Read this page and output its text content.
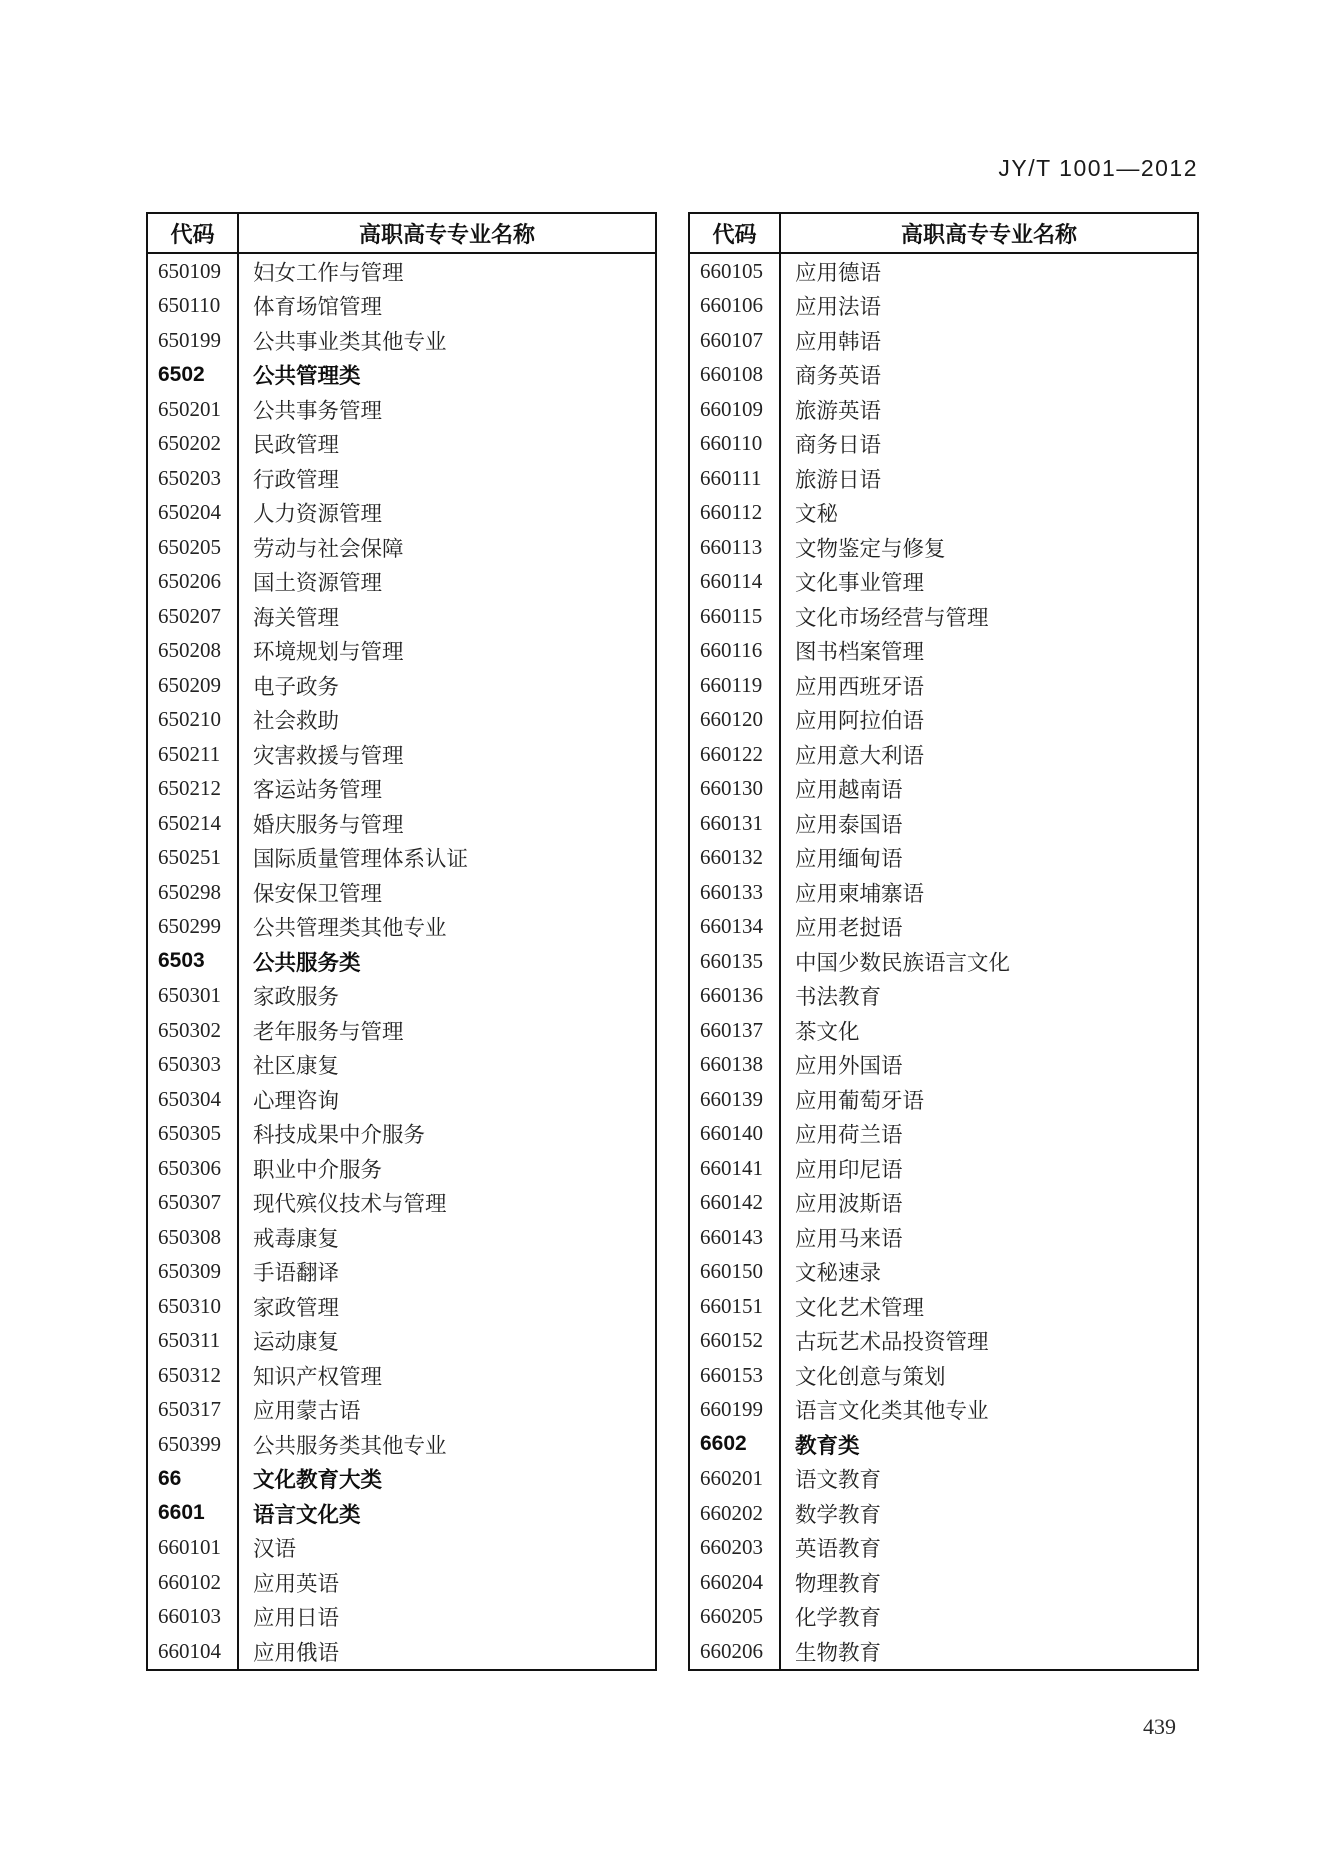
JY/T 1001—2012
代码	高职高专专业名称
650109	妇女工作与管理
650110	体育场馆管理
650199	公共事业类其他专业
6502	公共管理类
650201	公共事务管理
650202	民政管理
650203	行政管理
650204	人力资源管理
650205	劳动与社会保障
650206	国土资源管理
650207	海关管理
650208	环境规划与管理
650209	电子政务
650210	社会救助
650211	灾害救援与管理
650212	客运站务管理
650214	婚庆服务与管理
650251	国际质量管理体系认证
650298	保安保卫管理
650299	公共管理类其他专业
6503	公共服务类
650301	家政服务
650302	老年服务与管理
650303	社区康复
650304	心理咨询
650305	科技成果中介服务
650306	职业中介服务
650307	现代殡仪技术与管理
650308	戒毒康复
650309	手语翻译
650310	家政管理
650311	运动康复
650312	知识产权管理
650317	应用蒙古语
650399	公共服务类其他专业
66	文化教育大类
6601	语言文化类
660101	汉语
660102	应用英语
660103	应用日语
660104	应用俄语
代码	高职高专专业名称
660105	应用德语
660106	应用法语
660107	应用韩语
660108	商务英语
660109	旅游英语
660110	商务日语
660111	旅游日语
660112	文秘
660113	文物鉴定与修复
660114	文化事业管理
660115	文化市场经营与管理
660116	图书档案管理
660119	应用西班牙语
660120	应用阿拉伯语
660122	应用意大利语
660130	应用越南语
660131	应用泰国语
660132	应用缅甸语
660133	应用柬埔寨语
660134	应用老挝语
660135	中国少数民族语言文化
660136	书法教育
660137	茶文化
660138	应用外国语
660139	应用葡萄牙语
660140	应用荷兰语
660141	应用印尼语
660142	应用波斯语
660143	应用马来语
660150	文秘速录
660151	文化艺术管理
660152	古玩艺术品投资管理
660153	文化创意与策划
660199	语言文化类其他专业
6602	教育类
660201	语文教育
660202	数学教育
660203	英语教育
660204	物理教育
660205	化学教育
660206	生物教育
439
